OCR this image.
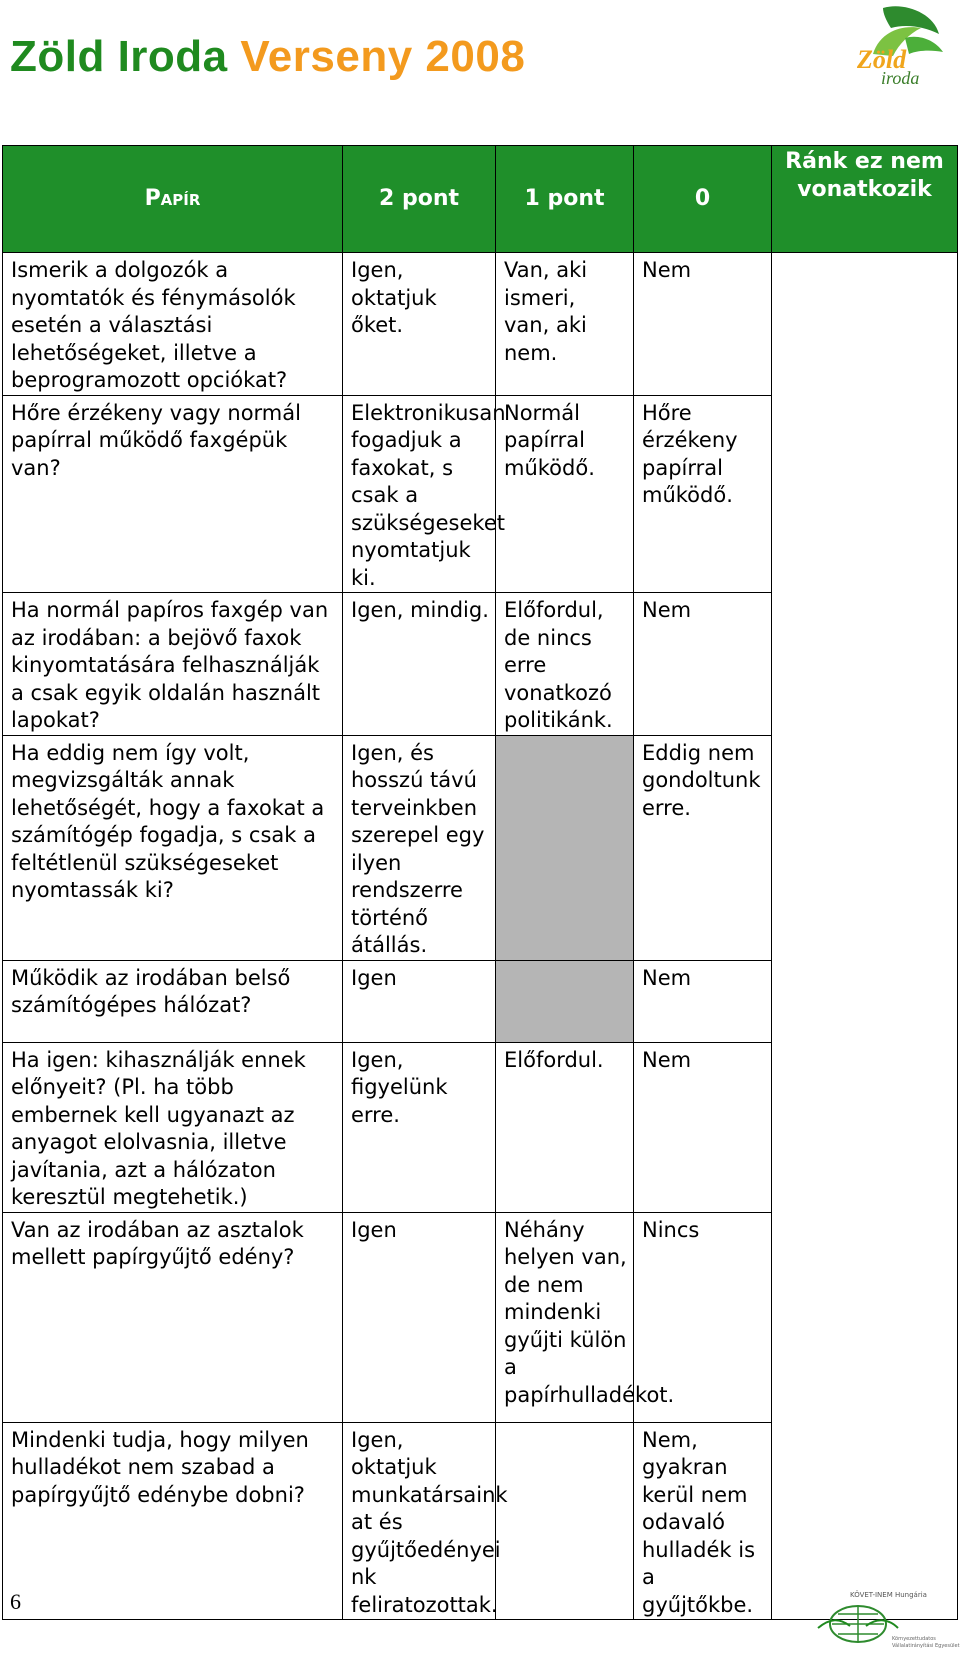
Zöld Iroda Verseny 2008	Zöld
iroda
Papír	2 pont	1 pont	0	Ránk ez nem vonatkozik
Ismerik a dolgozók a nyomtatók és fénymásolók esetén a választási lehetőségeket, illetve a beprogramozott opciókat?	Igen, oktatjuk őket.	Van, aki ismeri, van, aki nem.	Nem	
Hőre érzékeny vagy normál papírral működő faxgépük van?	Elektronikusan fogadjuk a faxokat, s csak a szükségeseket nyomtatjuk ki.	Normál papírral működő.	Hőre érzékeny papírral működő.	
Ha normál papíros faxgép van az irodában: a bejövő faxok kinyomtatására felhasználják a csak egyik oldalán használt lapokat?	Igen, mindig.	Előfordul, de nincs erre vonatkozó politikánk.	Nem	
Ha eddig nem így volt, megvizsgálták annak lehetőségét, hogy a faxokat a számítógép fogadja, s csak a feltétlenül szükségeseket nyomtassák ki?	Igen, és hosszú távú terveinkben szerepel egy ilyen rendszerre történő átállás.		Eddig nem gondoltunk erre.	
Működik az irodában belső számítógépes hálózat?	Igen		Nem	
Ha igen: kihasználják ennek előnyeit? (Pl. ha több embernek kell ugyanazt az anyagot elolvasnia, illetve javítania, azt a hálózaton keresztül megtehetik.)	Igen, figyelünk erre.	Előfordul.	Nem	
Van az irodában az asztalok mellett papírgyűjtő edény?	Igen	Néhány helyen van, de nem mindenki gyűjti külön a papírhulladékot.	Nincs	
Mindenki tudja, hogy milyen hulladékot nem szabad a papírgyűjtő edénybe dobni?	Igen, oktatjuk munkatársaink at és gyűjtőedényei nk feliratozottak.		Nem, gyakran kerül nem odavaló hulladék is a gyűjtőkbe.	
6	KÖVET-INEM Hungária
Környezettudatos
Vállalatirányítási Egyesület
